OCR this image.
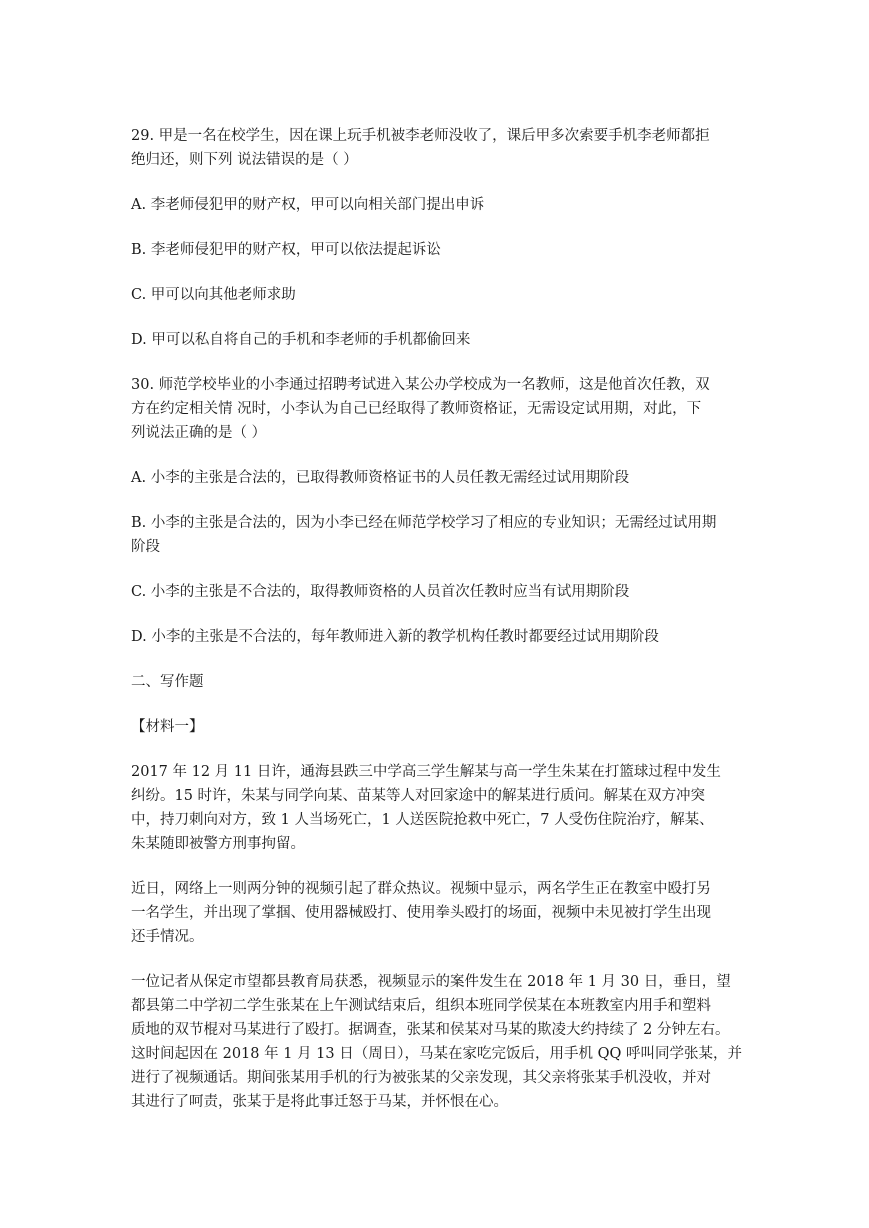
29. 甲是一名在校学生，因在课上玩手机被李老师没收了，课后甲多次索要手机李老师都拒
绝归还，则下列 说法错误的是（ ）
A. 李老师侵犯甲的财产权，甲可以向相关部门提出申诉
B. 李老师侵犯甲的财产权，甲可以依法提起诉讼
C. 甲可以向其他老师求助
D. 甲可以私自将自己的手机和李老师的手机都偷回来
30. 师范学校毕业的小李通过招聘考试进入某公办学校成为一名教师，这是他首次任教，双
方在约定相关情 况时，小李认为自己已经取得了教师资格证，无需设定试用期，对此，下
列说法正确的是（ ）
A. 小李的主张是合法的，已取得教师资格证书的人员任教无需经过试用期阶段
B. 小李的主张是合法的，因为小李已经在师范学校学习了相应的专业知识；无需经过试用期
阶段
C. 小李的主张是不合法的，取得教师资格的人员首次任教时应当有试用期阶段
D. 小李的主张是不合法的，每年教师进入新的教学机构任教时都要经过试用期阶段
二、写作题
【材料一】
2017 年 12 月 11 日许，通海县跌三中学高三学生解某与高一学生朱某在打篮球过程中发生
纠纷。15 时许，朱某与同学向某、苗某等人对回家途中的解某进行质问。解某在双方冲突
中，持刀刺向对方，致 1 人当场死亡，1 人送医院抢救中死亡，7 人受伤住院治疗，解某、
朱某随即被警方刑事拘留。
近日，网络上一则两分钟的视频引起了群众热议。视频中显示，两名学生正在教室中殴打另
一名学生，并出现了掌掴、使用器械殴打、使用拳头殴打的场面，视频中未见被打学生出现
还手情况。
一位记者从保定市望都县教育局获悉，视频显示的案件发生在 2018 年 1 月 30 日，垂日，望
都县第二中学初二学生张某在上午测试结束后，组织本班同学侯某在本班教室内用手和塑料
质地的双节棍对马某进行了殴打。据调查，张某和侯某对马某的欺凌大约持续了 2 分钟左右。
这时间起因在 2018 年 1 月 13 日（周日），马某在家吃完饭后，用手机 QQ 呼叫同学张某，并
进行了视频通话。期间张某用手机的行为被张某的父亲发现，其父亲将张某手机没收，并对
其进行了呵责，张某于是将此事迁怒于马某，并怀恨在心。
